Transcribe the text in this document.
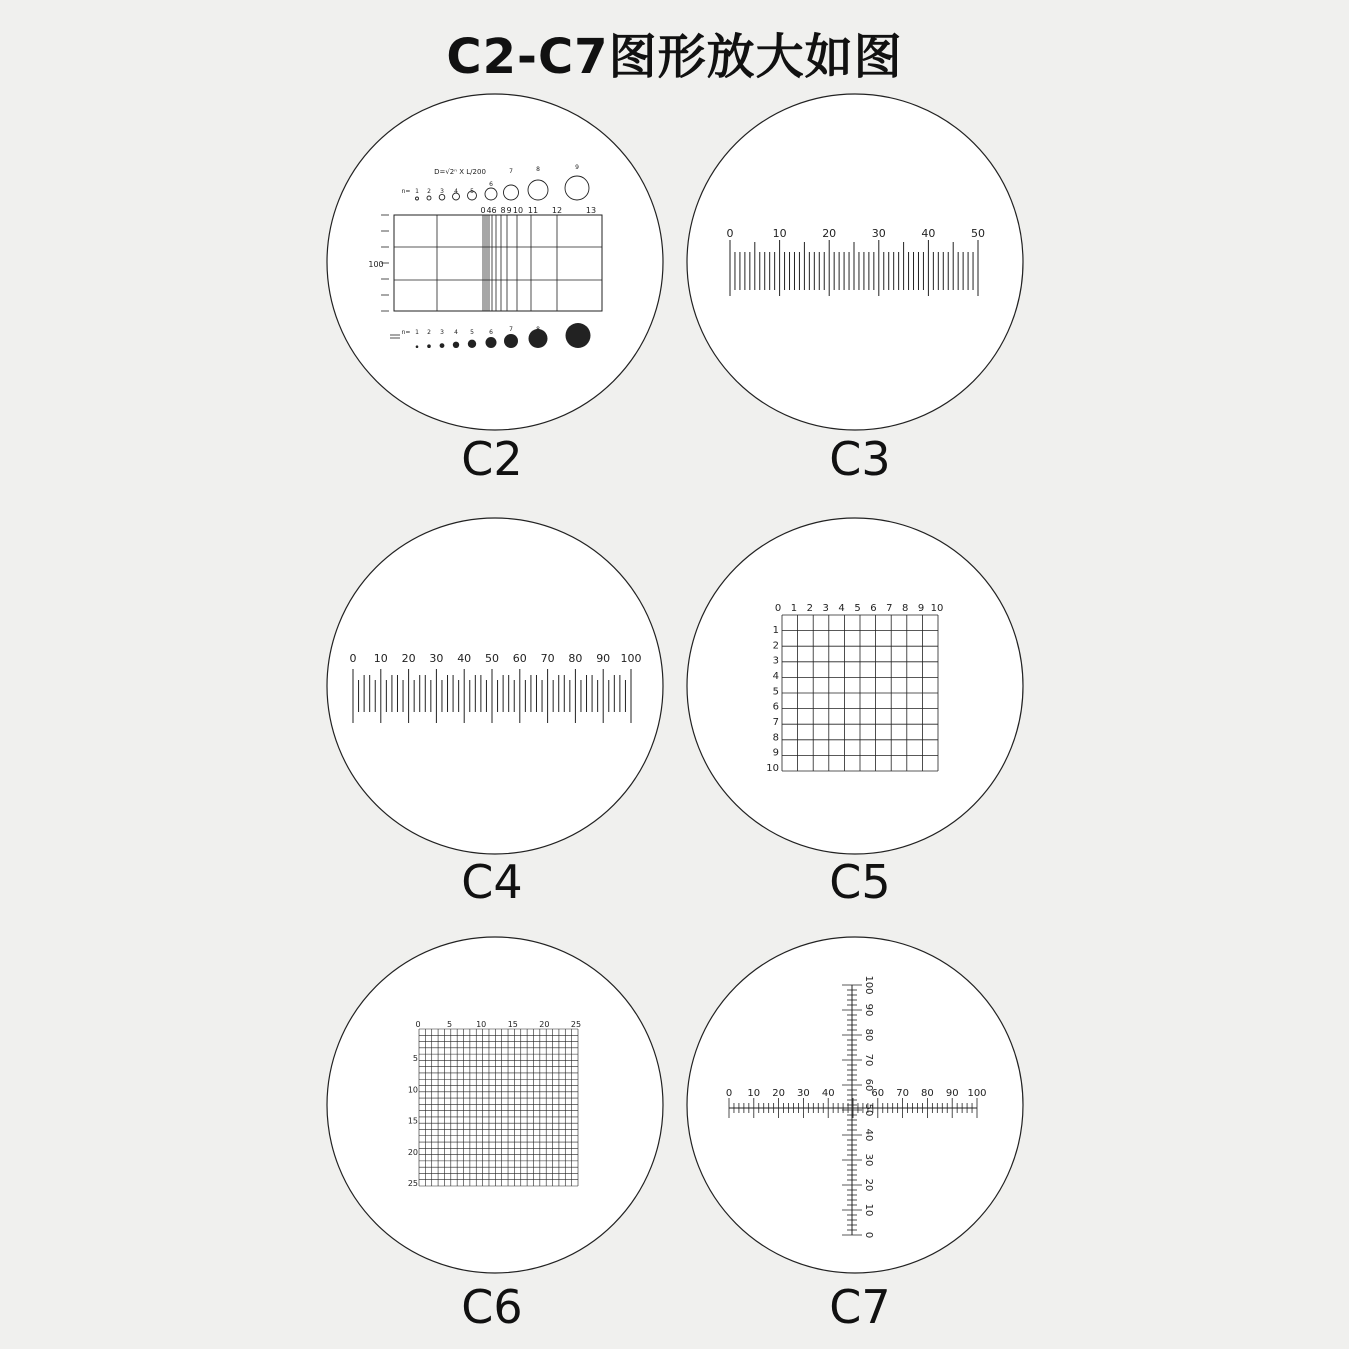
C2-C7图形放大如图
D=√2ⁿ X L/200
n= 1 2 3 4 5
6
7	8	9
0 4 6 8 9 10 11 12	13
100
n= 1 2 3 4 5	6	7
0	10	20	30	40	50
0 10 20 30 40 50 60 70 80 90 100
0 1 2 3 4 5 6 7 8 9 10
1
2
3
4
5
6
7
8
9
10
0	5	10	15	20	25
5
10
15
20
25
0 10 20 30 40	60 70 80 90 100
0
10
20
30
40
50
60
70
80
90
100
C2	C3
C4	C5
C6	C7
